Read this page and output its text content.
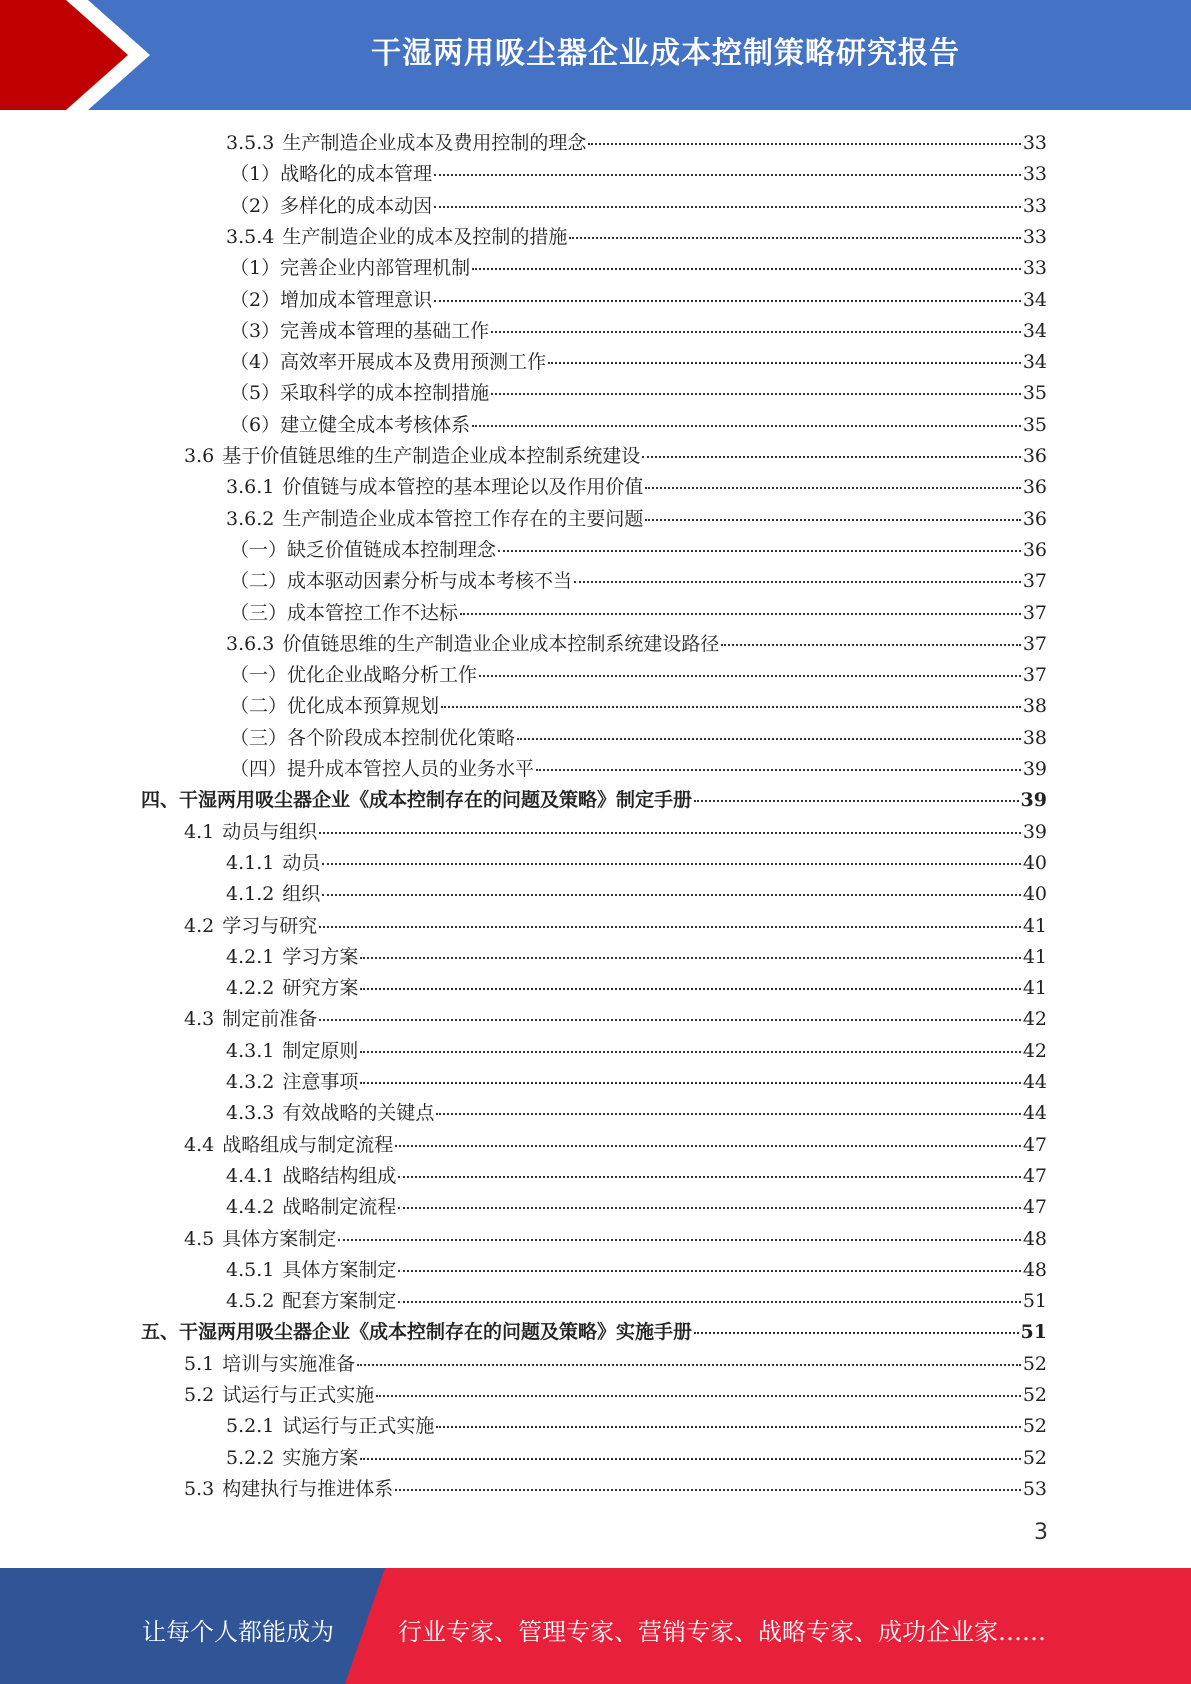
干湿两用吸尘器企业成本控制策略研究报告
3.5.3 生产制造企业成本及费用控制的理念	33
（1）战略化的成本管理	33
（2）多样化的成本动因	33
3.5.4 生产制造企业的成本及控制的措施	33
（1）完善企业内部管理机制	33
（2）增加成本管理意识	34
（3）完善成本管理的基础工作	34
（4）高效率开展成本及费用预测工作	34
（5）采取科学的成本控制措施	35
（6）建立健全成本考核体系	35
3.6 基于价值链思维的生产制造企业成本控制系统建设	36
3.6.1 价值链与成本管控的基本理论以及作用价值	36
3.6.2 生产制造企业成本管控工作存在的主要问题	36
（一）缺乏价值链成本控制理念	36
（二）成本驱动因素分析与成本考核不当	37
（三）成本管控工作不达标	37
3.6.3 价值链思维的生产制造业企业成本控制系统建设路径	37
（一）优化企业战略分析工作	37
（二）优化成本预算规划	38
（三）各个阶段成本控制优化策略	38
（四）提升成本管控人员的业务水平	39
四、干湿两用吸尘器企业《成本控制存在的问题及策略》制定手册	39
4.1 动员与组织	39
4.1.1 动员	40
4.1.2 组织	40
4.2 学习与研究	41
4.2.1 学习方案	41
4.2.2 研究方案	41
4.3 制定前准备	42
4.3.1 制定原则	42
4.3.2 注意事项	44
4.3.3 有效战略的关键点	44
4.4 战略组成与制定流程	47
4.4.1 战略结构组成	47
4.4.2 战略制定流程	47
4.5 具体方案制定	48
4.5.1 具体方案制定	48
4.5.2 配套方案制定	51
五、干湿两用吸尘器企业《成本控制存在的问题及策略》实施手册	51
5.1 培训与实施准备	52
5.2 试运行与正式实施	52
5.2.1 试运行与正式实施	52
5.2.2 实施方案	52
5.3 构建执行与推进体系	53
3
让每个人都能成为	行业专家、管理专家、营销专家、战略专家、成功企业家……
